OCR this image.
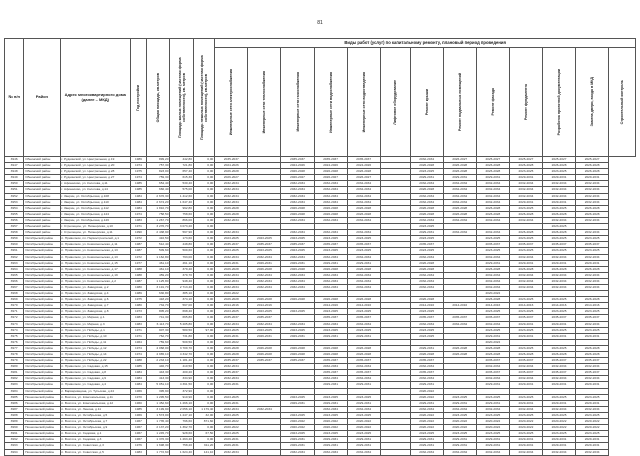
81
№ п/п	Район	Адрес многоквартирного дома (далее – МКД)	Год постройки	Общая площадь, кв.метров	Площадь жилых помещений (частная форма собственности), кв. метров	Площадь нежилых помещений (частная форма собственности), кв.метров	Виды работ (услуг) по капитальному ремонту, плановый период проведения												

							Инженерные сети электроснабжения	Инженерные сети теплоснабжения	Инженерные сети газоснабжения	Инженерные сети водоснабжения	Инженерные сети водоотведения	Лифтовое оборудование	Ремонт крыши	Ремонт подвальных помещений	Ремонт фасада	Ремонт фундамента	Разработка проектной документации	Замена двери, входа в МКД	Строительный контроль

3946	Обнинский район	г. Руднянский, ул. Центральная, д.19	1989	899,20	442,80	0,00	2035-2037		2035-2037	2035-2037	2035-2037		2032-2034	2026-2027	2025-2027	2025-2027	2025-2027	2025-2027	
3947	Обнинский район	г. Руднянский, ул. Центральная, д.20	1974	757,30	721,80	0,00	2024-2026		2024-2026	2024-2026	2024-2026		2026-2028	2026-2028	2026-2028	2026-2028	2026-2028	2026-2028	
3948	Обнинский район	г. Руднянский, ул. Центральная, д.28	1975	823,00	657,40	0,00	2026-2028		2026-2028	2026-2028	2026-2028		2023-2025	2026-2028	2026-2028	2023-2025	2023-2025	2026-2028	
3949	Обнинский район	г. Руднянский, ул. Центральная, д.27	1974	759,30	615,30	0,00	2026-2027		2026-2027	2026-2027	2026-2027		2029-2031	2029-2031	2029-2031	2029-2031	2029-2031	2029-2031	
3950	Обнинский район	г. Афонасово, ул. Косогова, д.11	1985	654,40	530,40	0,00	2032-2034		2032-2034	2032-2034	2032-2034		2032-2034	2032-2034	2032-2034	2032-2034	2032-2034	2032-2034	
3951	Обнинский район	г. Афонасово, ул. Косогова, д.14	1985	666,40	575,00	0,00	2032-2034		2032-2034	2032-2034	2032-2034		2026-2028	2032-2034	2032-2034	2032-2034	2032-2034	2032-2034	
3952	Обнинский район	г. Зверин, ул. Октябрьская, д.108	1984	2 676,30	1 412,60	0,00	2032-2034		2032-2034	2032-2034	2032-2034		2032-2034	2032-2034	2032-2034	2032-2034	2032-2034	2032-2034	
3953	Обнинский район	г. Зверин, ул. Октябрьская, д.110	1984	2 674,20	1 647,40	0,00	2032-2034		2032-2034	2032-2034	2032-2034		2032-2034	2032-2034	2032-2034	2029-2031	2029-2031	2032-2034	
3954	Обнинский район	г. Зверин, ул. Октябрьская, д.112	1984	1 810,70	992,80	0,00	2026-2028		2026-2028	2026-2028	2026-2028		2026-2028	2026-2028	2026-2028	2023-2025	2023-2025	2026-2028	
3955	Обнинский район	г. Зверин, ул. Октябрьская, д.124	1974	758,50	758,60	0,00	2026-2028		2026-2028	2026-2028	2026-2028		2026-2028	2026-2028	2026-2028	2026-2028	2026-2028	2026-2028	
3956	Обнинский район	г. Зверин, ул. Октябрьская, д.126	1983	1 267,70	866,00	0,00	2032-2034		2032-2034	2032-2034	2032-2034		2032-2034	2032-2034	2032-2034	2032-2034	2032-2034	2032-2034	
3957	Обнинский район	г. Стрелецкое, ул. Пионерская, д.10	1971	3 276,70	3 073,20	0,00							2023-2025				2023-2025		
3958	Обнинский район	г. Стрелецкое, ул. Пионерская, д.11	1990	2 438,90	597,90	0,00	2032-2034		2032-2034	2032-2034	2032-2034		2029-2031	2032-2034	2032-2034	2026-2028	2026-2028	2032-2034	
3959	Октябрьский район	п. Приволжск, пл. Первостроителей, д.1	1972	416,50	173,60	0,00	2023-2025	2023-2025	2023-2025	2023-2025	2023-2025		2023-2025		2023-2025	2023-2025	2023-2025	2023-2025	
3960	Октябрьский район	п. Приволжск, ул. Комсомольская, д.11	1987	512,40	448,80	0,00	2035-2037	2035-2037	2035-2037	2035-2037	2035-2037		2035-2037		2035-2037	2035-2037	2035-2037	2035-2037	
3961	Октябрьский район	п. Приволжск, ул. Комсомольская, д.13	1987	509,60	509,60	0,00	2023-2025	2023-2025	2023-2025	2023-2025	2023-2025		2023-2025		2023-2025	2023-2025	2023-2025	2023-2025	
3962	Октябрьский район	п. Приволжск, ул. Комсомольская, д.13	1972	1 162,80	793,00	0,00	2032-2034	2032-2034	2032-2034	2032-2034	2032-2034		2032-2034		2032-2034	2032-2034	2032-2034	2032-2034	
3963	Октябрьский район	п. Приволжск, ул. Комсомольская, д.15	1977	461,10	461,10	0,00	2029-2031	2029-2031	2029-2031	2029-2031	2029-2031		2026-2028		2029-2031	2029-2031	2029-2031	2029-2031	
3964	Октябрьский район	п. Приволжск, ул. Комсомольская, д.17	1988	461,10	379,40	0,00	2026-2028	2026-2028	2026-2028	2026-2028	2026-2028		2026-2028		2026-2028	2026-2028	2026-2028	2026-2028	
3965	Октябрьский район	п. Приволжск, ул. Комсомольская, д.19	1988	459,20	379,70	0,00	2032-2034	2032-2034	2032-2034	2032-2034	2032-2034		2032-2034		2032-2034	2032-2034	2032-2034	2032-2034	
3966	Октябрьский район	п. Приволжск, ул. Комсомольская, д.2	1987	1 125,80	948,40	0,00	2032-2034	2032-2034	2032-2034	2032-2034	2032-2034		2032-2034		2032-2034	2032-2034	2032-2034	2032-2034	
3967	Октябрьский район	п. Приволжск, ул. Заводская, д.2	1980	3 191,70	2 713,40	0,00	2032-2034	2032-2034	2032-2034	2032-2034	2032-2034		2032-2034		2032-2034	2032-2034	2032-2034	2032-2034	
3968	Октябрьский район	п. Приволжск, ул. Заводская, д.4	1989	630,80	385,10	0,00	2020-2022								2020-2022				
3969	Октябрьский район	п. Приволжск, ул. Заводская, д.6	1975	418,20	374,10	0,00	2026-2028	2026-2028	2026-2028	2026-2028	2026-2028		2026-2028		2026-2028	2023-2025	2023-2025	2026-2028	
3970	Октябрьский район	п. Приволжск, ул. Заводская, д.7	1980	734,70	597,00	0,00	2014-2016	2014-2016		2014-2016	2014-2016		2014-2016	2014-2016	2014-2016	2014-2016	2014-2016	2014-2016	
3971	Октябрьский район	п. Приволжск, ул. Заводская, д.8	1973	805,20	698,40	0,00	2023-2025	2023-2025	2023-2025	2023-2025	2023-2025		2023-2025		2023-2025	2023-2025	2023-2025	2023-2025	
3972	Октябрьский район	п. Приволжск, ул. Мирная, д.1	1983	741,30	665,80	0,00	2035-2037	2035-2037		2035-2037	2035-2037		2035-2037	2035-2037	2035-2037	2035-2037	2035-2037	2035-2037	
3973	Октябрьский район	п. Приволжск, ул. Мирная, д.3	1983	6 113,70	5 205,80	0,00	2032-2034	2032-2034	2032-2034	2032-2034	2032-2034		2032-2034	2032-2034	2032-2034	2029-2031	2029-2031	2032-2034	
3974	Октябрьский район	п. Приволжск, ул. Победы, д.1	1971	907,30	580,50	97,90	2023-2025	2023-2025	2023-2025	2023-2025	2023-2025		2023-2025		2023-2025	2023-2025	2023-2025	2023-2025	
3975	Октябрьский район	п. Приволжск, ул. Победы, д.10	1971	762,70	731,80	0,00	2029-2031	2029-2031	2029-2031	2029-2031	2029-2031		2023-2025		2029-2031	2029-2031	2029-2031	2029-2031	
3976	Октябрьский район	п. Приволжск, ул. Победы, д.11	1964	759,60	509,50	0,00	2020-2022								2020-2022				
3977	Октябрьский район	п. Приволжск, ул. Победы, д.12	1974	4 068,00	3 709,70	0,00	2026-2028	2026-2028	2026-2028	2026-2028	2026-2028		2029-2031	2026-2028	2026-2028	2023-2025	2023-2025	2026-2028	
3978	Октябрьский район	п. Приволжск, ул. Победы, д.14	1974	4 965,10	4 342,70	0,00	2026-2028	2026-2028	2026-2028	2026-2028	2026-2028		2026-2028	2026-2028	2026-2028	2026-2028	2026-2028	2026-2028	
3979	Октябрьский район	п. Приволжск, ул. Победы, д.22	1988	2 233,10	1 181,40	0,00	2035-2037	2035-2037	2035-2037	2035-2037	2035-2037		2035-2037		2035-2037	2035-2037	2035-2037	2035-2037	
3980	Октябрьский район	п. Приволжск, ул. Садовая, д.15	1985	446,70	410,50	0,00	2032-2034			2032-2034	2032-2034		2032-2034		2032-2034	2032-2034	2032-2034	2032-2034	
3981	Октябрьский район	п. Приволжск, ул. Садовая, д.8	1984	443,30	400,20	0,00	2035-2037			2035-2037	2035-2037		2035-2037		2035-2037	2035-2037	2035-2037	2035-2037	
3982	Октябрьский район	п. Приволжск, ул. Садовая, д.9	1984	413,30	334,90	0,00	2032-2034			2032-2034	2032-2034		2032-2034		2032-2034	2032-2034	2032-2034	2032-2034	
3983	Октябрьский район	п. Приволжск, ул. Садовая, д.4	1984	5 051,10	4 391,50	0,00	2029-2031			2029-2031	2029-2031		2029-2031		2029-2031	2029-2031	2029-2031	2029-2031	
3984	Октябрьский район	с. Варваровщина, ул. Тульская, д.24	1969	395,90	372,90	0,00							2020-2022						
3985	Пошехонский район	п. Вохтога, ул. Комсомольская, д.11	1970	1 295,50	910,90	0,00	2023-2025		2023-2025	2023-2025	2023-2025		2020-2022	2023-2025	2023-2025	2023-2025	2023-2025	2023-2025	
3986	Пошехонский район	п. Вохтога, ул. Комсомольская, д.12	1960	1 452,60	1 266,10	0,00	2029-2031		2029-2031	2029-2031	2029-2031		2029-2031	2029-2031	2029-2031	2029-2031	2029-2031	2029-2031	
3987	Пошехонский район	п. Вохтога, ул. Ленина, д.11	1985	3 199,90	2 056,10	1 179,40	2032-2034	2032-2034		2032-2034	2032-2034		2032-2034	2032-2034	2032-2034	2032-2034	2032-2034	2032-2034	
3988	Пошехонский район	п. Вохтога, ул. Октябрьская, д.5	1969	1 573,00	1 247,10	32,00	2023-2025		2023-2025	2023-2025	2023-2025		2020-2022	2023-2025	2023-2025	2023-2025	2023-2025	2023-2025	
3989	Пошехонский район	п. Вохтога, ул. Октябрьская, д.7	1967	1 735,40	796,60	871,60	2020-2022		2020-2022	2020-2022	2020-2022		2020-2022	2020-2022	2020-2022	2020-2022	2020-2022	2020-2022	
3990	Пошехонский район	п. Вохтога, ул. Октябрьская, д.9	1967	2 137,20	1 362,70	0,00	2020-2022		2020-2022	2020-2022	2020-2022		2020-2022	2020-2022	2020-2022	2020-2022	2020-2022	2020-2022	
3991	Пошехонский район	п. Вохтога, ул. Садовая, д.1	1967	1 245,70	928,60	67,50	2023-2025		2023-2025	2023-2025	2023-2025		2023-2025	2023-2025	2023-2025	2023-2025	2023-2025	2023-2025	
3992	Пошехонский район	п. Вохтога, ул. Садовая, д.3	1967	1 376,30	1 263,40	0,00	2029-2031		2029-2031	2029-2031	2029-2031		2029-2031	2029-2031	2029-2031	2029-2031	2029-2031	2029-2031	
3993	Пошехонский район	п. Вохтога, ул. Советская, д.3	1976	1 698,30	758,20	911,20	2029-2031		2029-2031	2029-2031	2029-2031		2029-2031	2029-2031	2029-2031	2029-2031	2029-2031	2029-2031	
3994	Пошехонский район	п. Вохтога, ул. Советская, д.5	1983	1 772,60	1 624,40	141,10	2032-2034		2032-2034	2032-2034	2032-2034		2032-2034	2032-2034	2032-2034	2032-2034	2032-2034	2032-2034	
